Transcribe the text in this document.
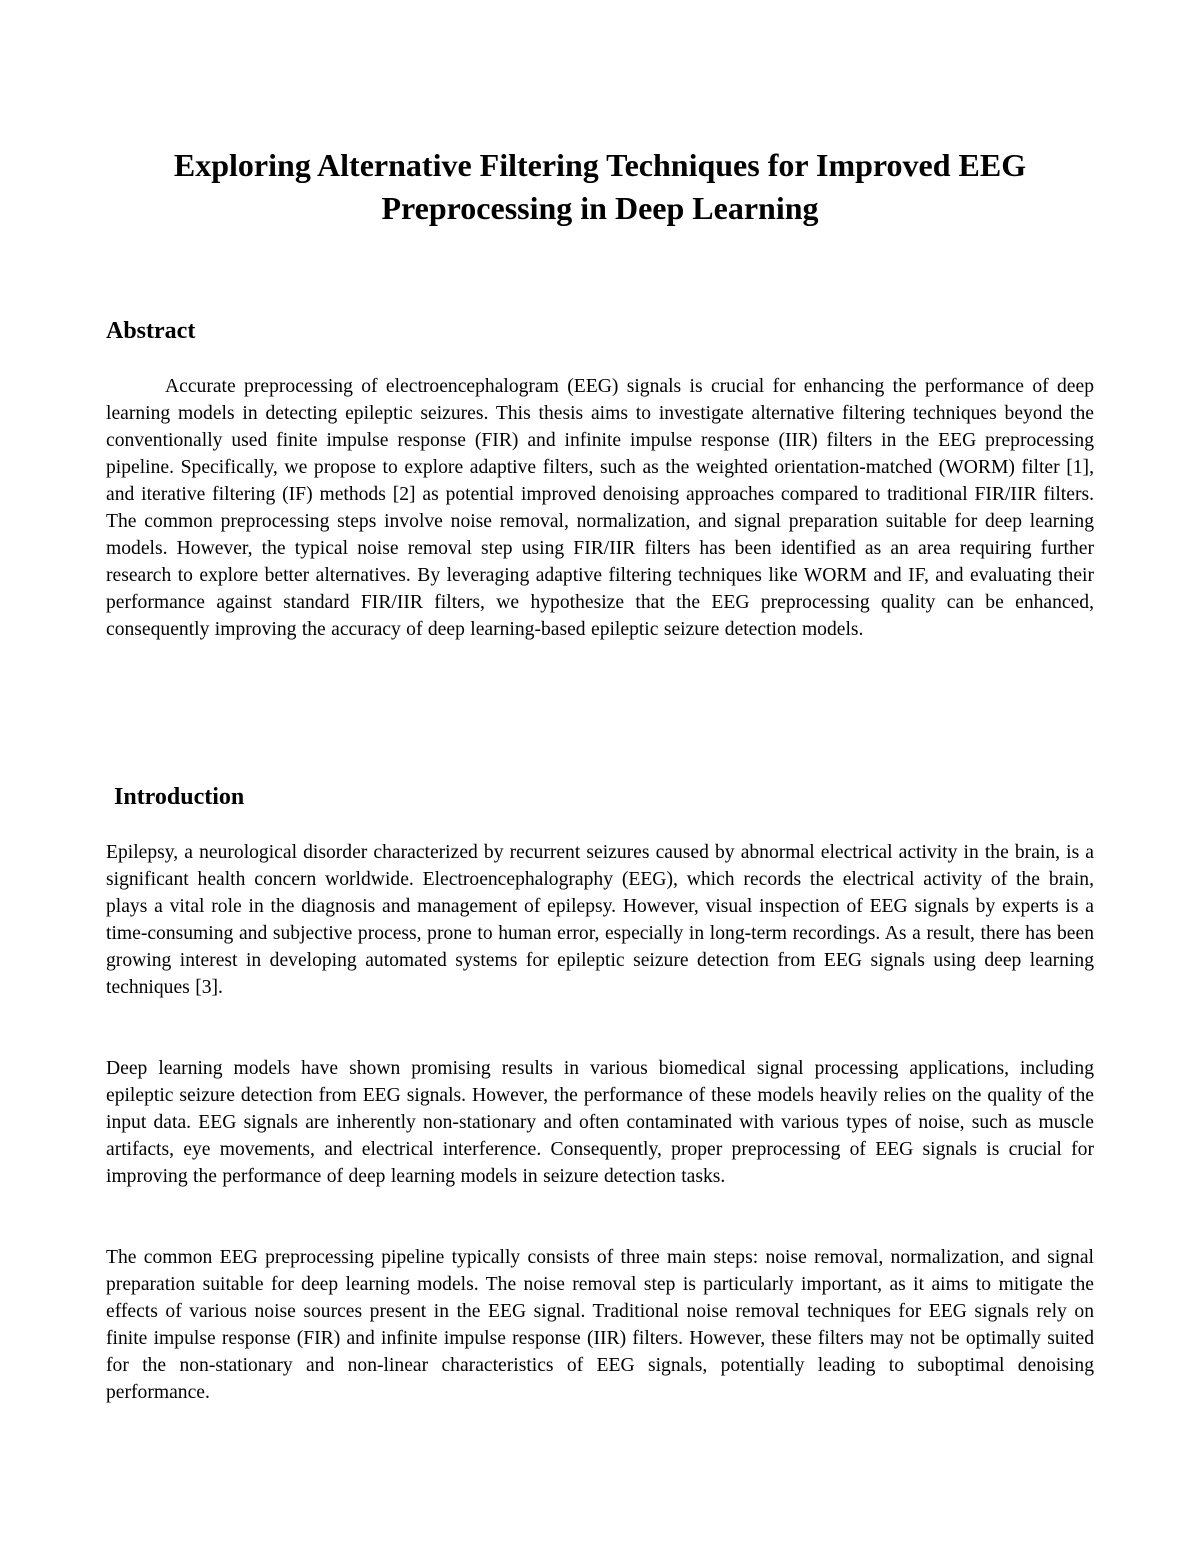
Exploring Alternative Filtering Techniques for Improved EEG
Preprocessing in Deep Learning
Abstract

Accurate preprocessing of electroencephalogram (EEG) signals is crucial for enhancing the performance of deep learning models in detecting epileptic seizures. This thesis aims to investigate alternative filtering techniques beyond the conventionally used finite impulse response (FIR) and infinite impulse response (IIR) filters in the EEG preprocessing pipeline. Specifically, we propose to explore adaptive filters, such as the weighted orientation-matched (WORM) filter [1], and iterative filtering (IF) methods [2] as potential improved denoising approaches compared to traditional FIR/IIR filters. The common preprocessing steps involve noise removal, normalization, and signal preparation suitable for deep learning models. However, the typical noise removal step using FIR/IIR filters has been identified as an area requiring further research to explore better alternatives. By leveraging adaptive filtering techniques like WORM and IF, and evaluating their performance against standard FIR/IIR filters, we hypothesize that the EEG preprocessing quality can be enhanced, consequently improving the accuracy of deep learning-based epileptic seizure detection models.

Introduction

Epilepsy, a neurological disorder characterized by recurrent seizures caused by abnormal electrical activity in the brain, is a significant health concern worldwide. Electroencephalography (EEG), which records the electrical activity of the brain, plays a vital role in the diagnosis and management of epilepsy. However, visual inspection of EEG signals by experts is a time-consuming and subjective process, prone to human error, especially in long-term recordings. As a result, there has been growing interest in developing automated systems for epileptic seizure detection from EEG signals using deep learning techniques [3].

Deep learning models have shown promising results in various biomedical signal processing applications, including epileptic seizure detection from EEG signals. However, the performance of these models heavily relies on the quality of the input data. EEG signals are inherently non-stationary and often contaminated with various types of noise, such as muscle artifacts, eye movements, and electrical interference. Consequently, proper preprocessing of EEG signals is crucial for improving the performance of deep learning models in seizure detection tasks.

The common EEG preprocessing pipeline typically consists of three main steps: noise removal, normalization, and signal preparation suitable for deep learning models. The noise removal step is particularly important, as it aims to mitigate the effects of various noise sources present in the EEG signal. Traditional noise removal techniques for EEG signals rely on finite impulse response (FIR) and infinite impulse response (IIR) filters. However, these filters may not be optimally suited for the non-stationary and non-linear characteristics of EEG signals, potentially leading to suboptimal denoising performance.
